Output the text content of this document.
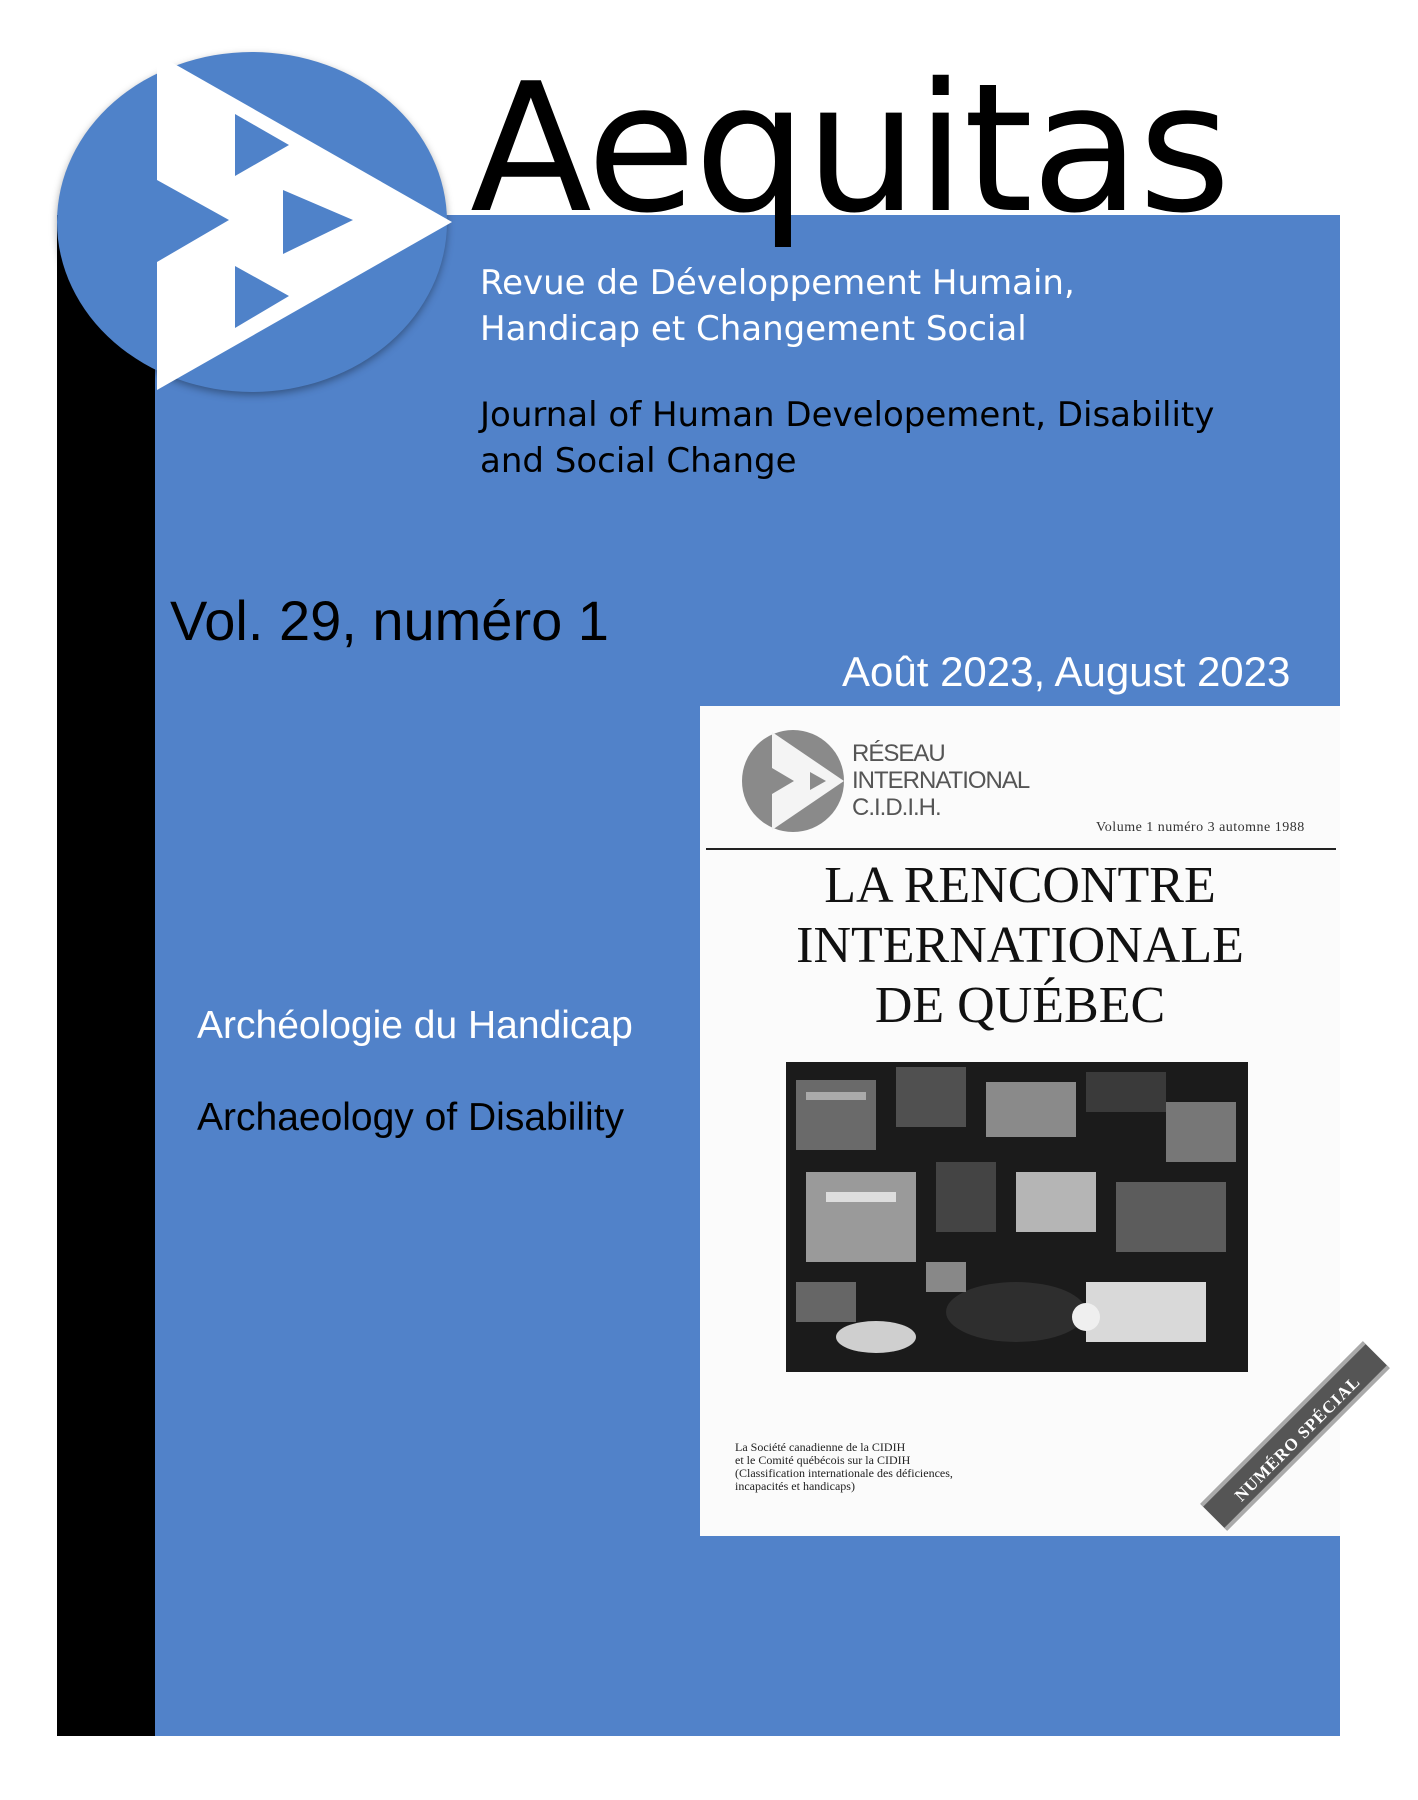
Aequitas
Revue de Développement Humain,
Handicap et Changement Social
Journal of Human Developement, Disability
and Social Change
Vol. 29, numéro 1
Août 2023, August 2023
Archéologie du Handicap
Archaeology of Disability
RÉSEAU
INTERNATIONAL
C.I.D.I.H.
Volume 1 numéro 3 automne 1988
LA RENCONTRE
INTERNATIONALE
DE QUÉBEC
La Société canadienne de la CIDIH
et le Comité québécois sur la CIDIH
(Classification internationale des déficiences,
incapacités et handicaps)	NUMÉRO SPÉCIAL
